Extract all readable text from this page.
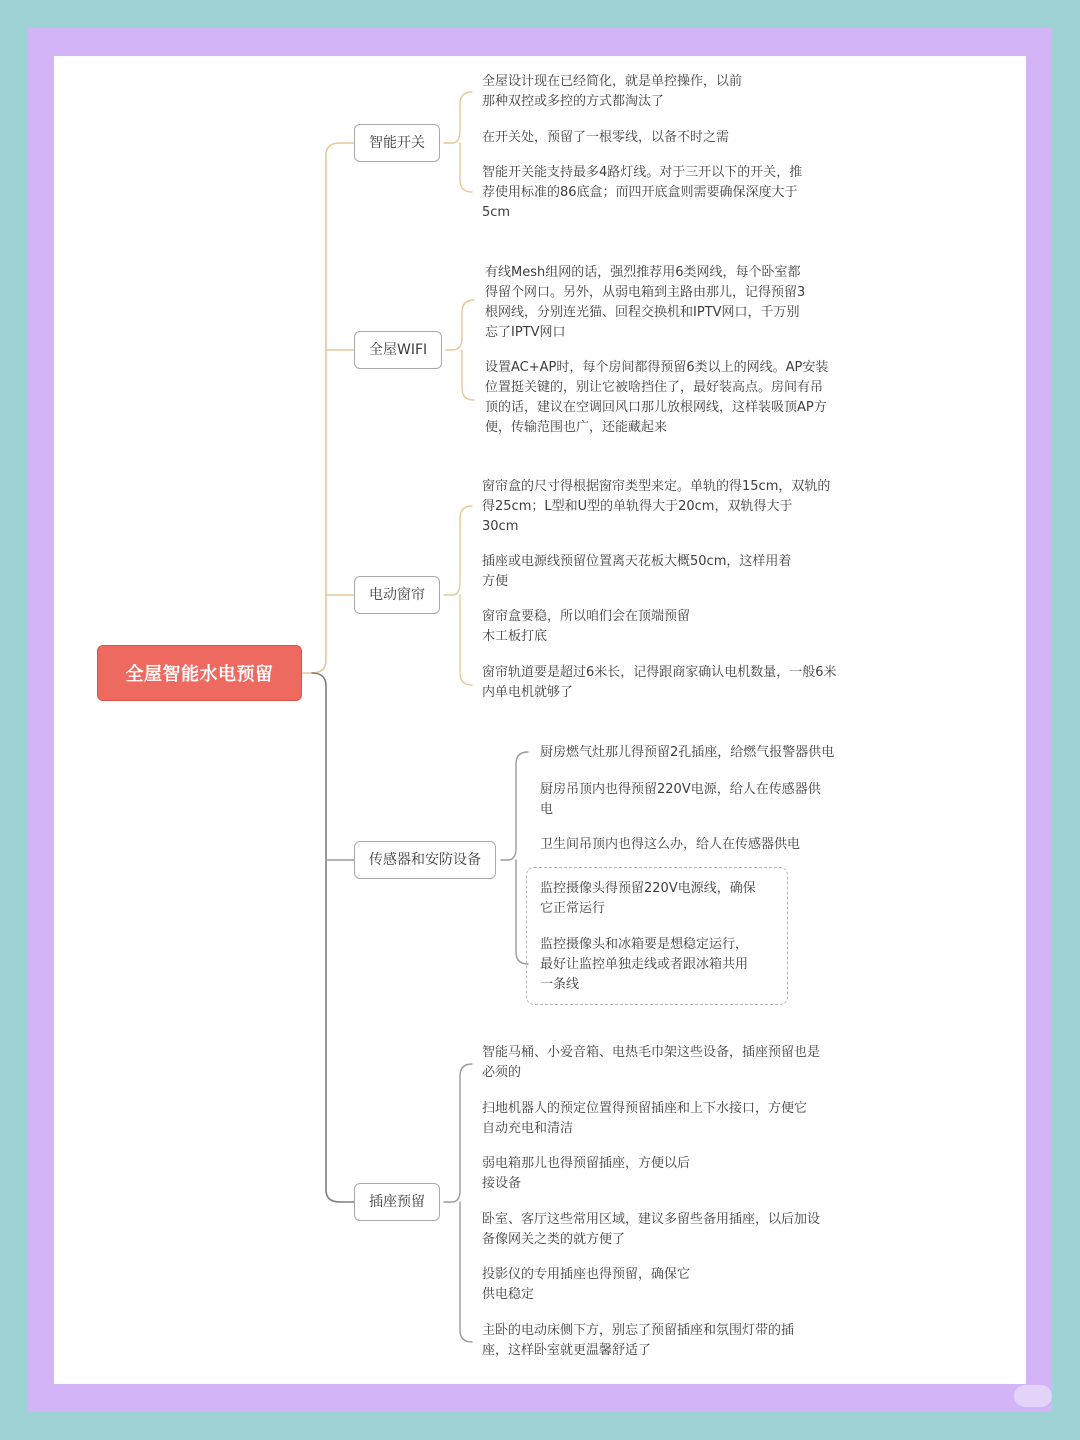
全屋智能水电预留
智能开关
全屋WIFI
电动窗帘
传感器和安防设备
插座预留
全屋设计现在已经简化，就是单控操作，以前
那种双控或多控的方式都淘汰了
在开关处，预留了一根零线，以备不时之需
智能开关能支持最多4路灯线。对于三开以下的开关，推
荐使用标准的86底盒；而四开底盒则需要确保深度大于
5cm
有线Mesh组网的话，强烈推荐用6类网线，每个卧室都
得留个网口。另外，从弱电箱到主路由那儿，记得预留3
根网线，分别连光猫、回程交换机和IPTV网口，千万别
忘了IPTV网口
设置AC+AP时，每个房间都得预留6类以上的网线。AP安装
位置挺关键的，别让它被啥挡住了，最好装高点。房间有吊
顶的话，建议在空调回风口那儿放根网线，这样装吸顶AP方
便，传输范围也广，还能藏起来
窗帘盒的尺寸得根据窗帘类型来定。单轨的得15cm，双轨的
得25cm；L型和U型的单轨得大于20cm，双轨得大于
30cm
插座或电源线预留位置离天花板大概50cm，这样用着
方便
窗帘盒要稳，所以咱们会在顶端预留
木工板打底
窗帘轨道要是超过6米长，记得跟商家确认电机数量，一般6米
内单电机就够了
厨房燃气灶那儿得预留2孔插座，给燃气报警器供电
厨房吊顶内也得预留220V电源，给人在传感器供
电
卫生间吊顶内也得这么办，给人在传感器供电
监控摄像头得预留220V电源线，确保
它正常运行
监控摄像头和冰箱要是想稳定运行，
最好让监控单独走线或者跟冰箱共用
一条线
智能马桶、小爱音箱、电热毛巾架这些设备，插座预留也是
必须的
扫地机器人的预定位置得预留插座和上下水接口，方便它
自动充电和清洁
弱电箱那儿也得预留插座，方便以后
接设备
卧室、客厅这些常用区域，建议多留些备用插座，以后加设
备像网关之类的就方便了
投影仪的专用插座也得预留，确保它
供电稳定
主卧的电动床侧下方，别忘了预留插座和氛围灯带的插
座，这样卧室就更温馨舒适了
